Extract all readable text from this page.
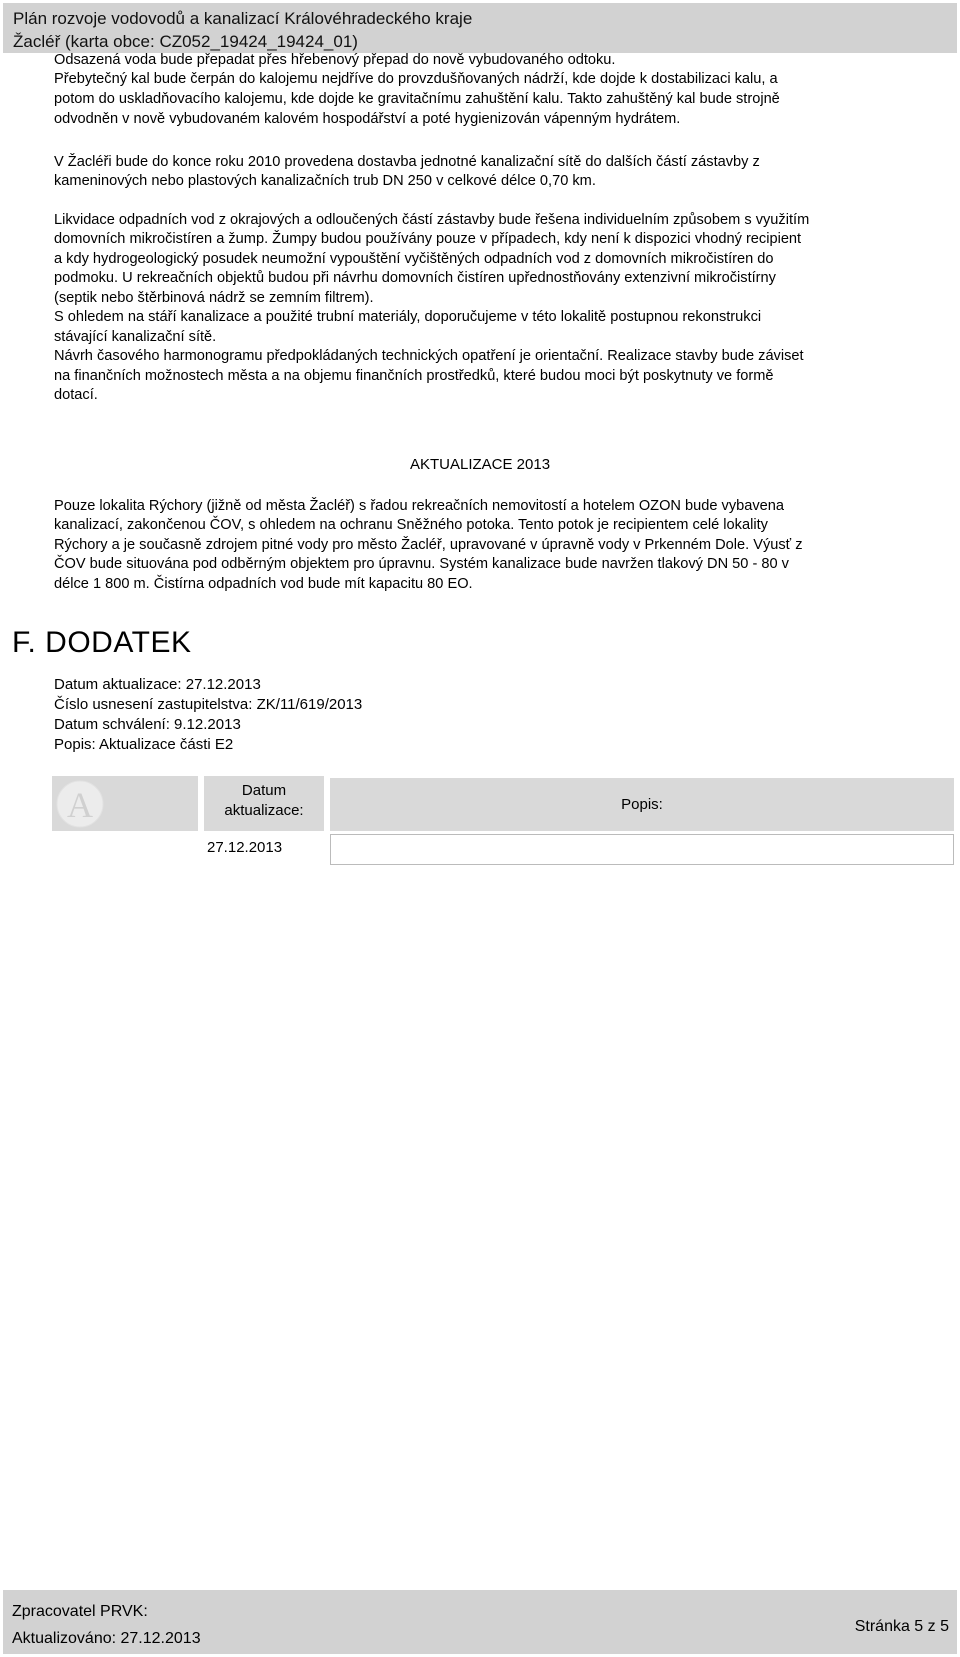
Plán rozvoje vodovodů a kanalizací Královéhradeckého kraje
Žacléř (karta obce: CZ052_19424_19424_01)
Odsazená voda bude přepadat přes hřebenový přepad do nově vybudovaného odtoku.
Přebytečný kal bude čerpán do kalojemu nejdříve do provzdušňovaných nádrží, kde dojde k dostabilizaci kalu, a
potom do uskladňovacího kalojemu, kde dojde ke gravitačnímu zahuštění kalu. Takto zahuštěný kal bude strojně
odvodněn v nově vybudovaném kalovém hospodářství a poté hygienizován vápenným hydrátem.
V Žacléři bude do konce roku 2010 provedena dostavba jednotné kanalizační sítě do dalších částí zástavby z
kameninových nebo plastových kanalizačních trub DN 250 v celkové délce 0,70 km.
Likvidace odpadních vod z okrajových a odloučených částí zástavby bude řešena individuelním způsobem s využitím
domovních mikročistíren a žump. Žumpy budou používány pouze v případech, kdy není k dispozici vhodný recipient
a kdy hydrogeologický posudek neumožní vypouštění vyčištěných odpadních vod z domovních mikročistíren do
podmoku. U rekreačních objektů budou při návrhu domovních čistíren upřednostňovány extenzivní mikročistírny
(septik nebo štěrbinová nádrž se zemním filtrem).
S ohledem na stáří kanalizace a použité trubní materiály, doporučujeme v této lokalitě postupnou rekonstrukci
stávající kanalizační sítě.
Návrh časového harmonogramu předpokládaných technických opatření je orientační. Realizace stavby bude záviset
na finančních možnostech města a na objemu finančních prostředků, které budou moci být poskytnuty ve formě
dotací.
AKTUALIZACE 2013
Pouze lokalita Rýchory (jižně od města Žacléř) s řadou rekreačních nemovitostí a hotelem OZON bude vybavena
kanalizací, zakončenou ČOV, s ohledem na ochranu Sněžného potoka. Tento potok je recipientem celé lokality
Rýchory a je současně zdrojem pitné vody pro město Žacléř, upravované v úpravně vody v Prkenném Dole. Výusť z
ČOV bude situována pod odběrným objektem pro úpravnu. Systém kanalizace bude navržen tlakový DN 50 - 80 v
délce 1 800 m. Čistírna odpadních vod bude mít kapacitu 80 EO.
F. DODATEK
Datum aktualizace: 27.12.2013
Číslo usnesení zastupitelstva: ZK/11/619/2013
Datum schválení: 9.12.2013
Popis: Aktualizace části E2
A	Datum
aktualizace:	Popis:
27.12.2013
Zpracovatel PRVK:
Aktualizováno: 27.12.2013
Stránka 5 z 5
